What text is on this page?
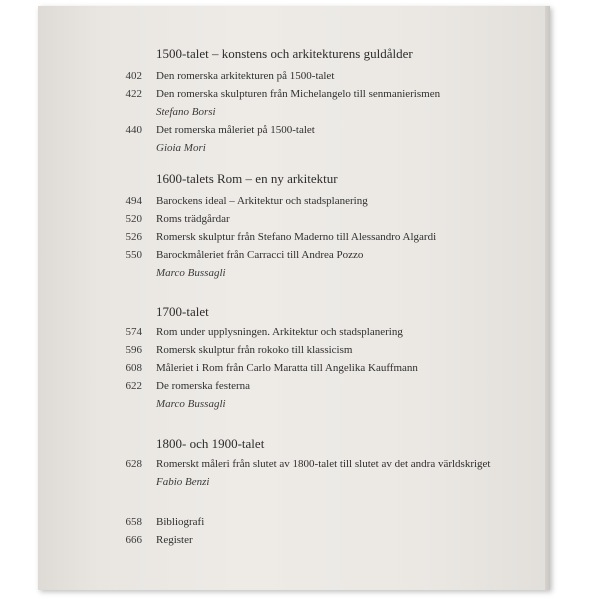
1500-talet – konstens och arkitekturens guldålder
402 Den romerska arkitekturen på 1500-talet
422 Den romerska skulpturen från Michelangelo till senmanierismen
Stefano Borsi
440 Det romerska måleriet på 1500-talet
Gioia Mori
1600-talets Rom – en ny arkitektur
494 Barockens ideal – Arkitektur och stadsplanering
520 Roms trädgårdar
526 Romersk skulptur från Stefano Maderno till Alessandro Algardi
550 Barockmåleriet från Carracci till Andrea Pozzo
Marco Bussagli
1700-talet
574 Rom under upplysningen. Arkitektur och stadsplanering
596 Romersk skulptur från rokoko till klassicism
608 Måleriet i Rom från Carlo Maratta till Angelika Kauffmann
622 De romerska festerna
Marco Bussagli
1800- och 1900-talet
628 Romerskt måleri från slutet av 1800-talet till slutet av det andra världskriget
Fabio Benzi
658 Bibliografi
666 Register
